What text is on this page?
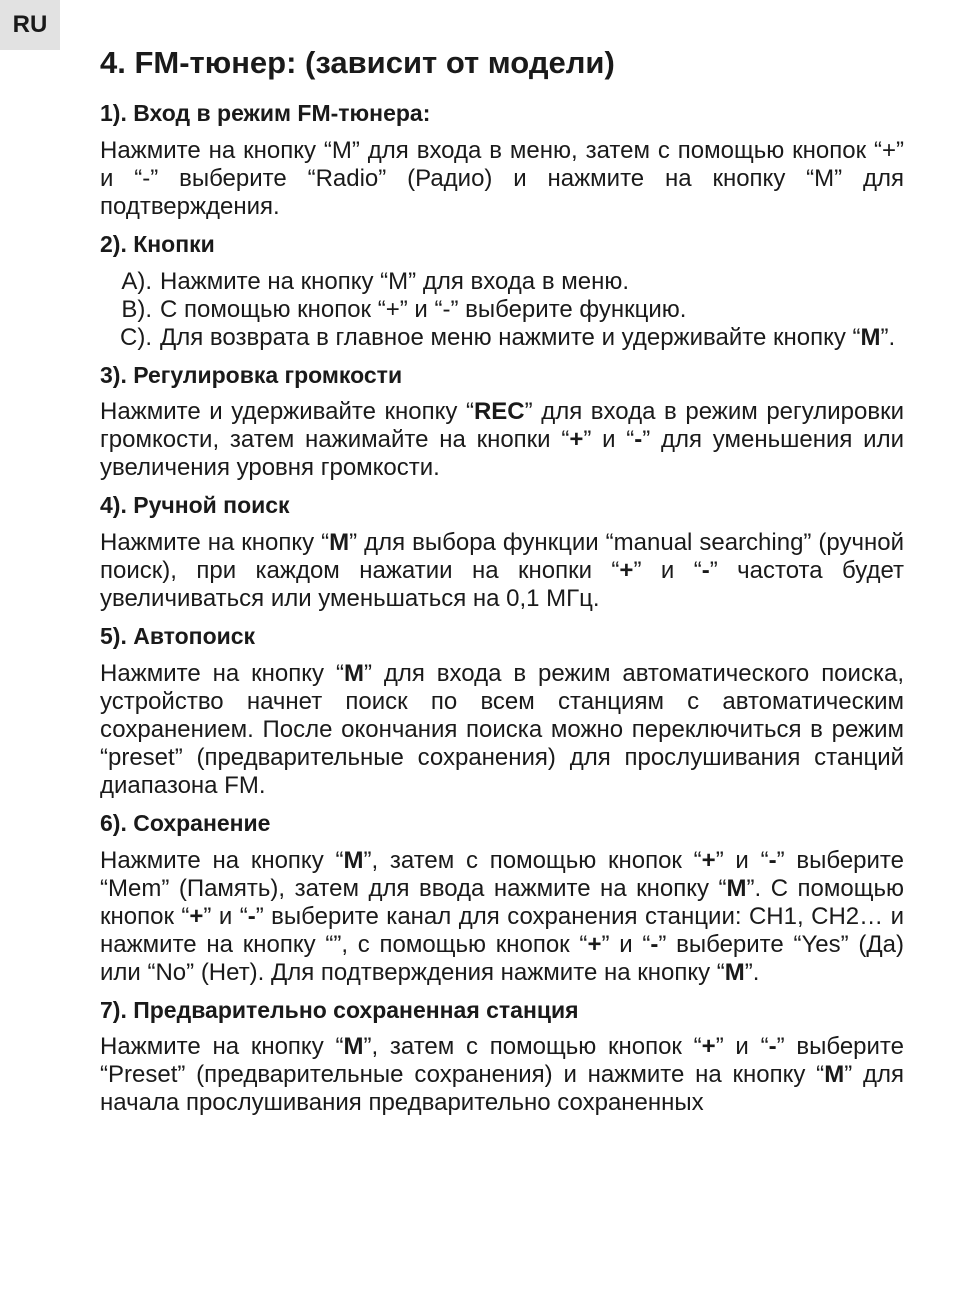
RU
4. FM-тюнер: (зависит от модели)
1). Вход в режим FM-тюнера:

Нажмите на кнопку “M” для входа в меню, затем с помощью кнопок “+” и “-” выберите “Radio” (Радио) и нажмите на кнопку “M” для подтверждения.

2). Кнопки
A). Нажмите на кнопку “M” для входа в меню.
B). С помощью кнопок “+” и “-” выберите функцию.
C). Для возврата в главное меню нажмите и удерживайте кнопку “M”.
3). Регулировка громкости

Нажмите и удерживайте кнопку “REC” для входа в режим регулировки громкости, затем нажимайте на кнопки “+” и “-” для уменьшения или увеличения уровня громкости.

4). Ручной поиск

Нажмите на кнопку “M” для выбора функции “manual searching” (ручной поиск), при каждом нажатии на кнопки “+” и “-” частота будет увеличиваться или уменьшаться на 0,1 МГц.

5). Автопоиск

Нажмите на кнопку “M” для входа в режим автоматического поиска, устройство начнет поиск по всем станциям с автоматическим сохранением. После окончания поиска можно переключиться в режим “preset” (предварительные сохранения) для прослушивания станций диапазона FM.

6). Сохранение

Нажмите на кнопку “M”, затем с помощью кнопок “+” и “-” выберите “Mem” (Память), затем для ввода нажмите на кнопку “M”. С помощью кнопок “+” и “-” выберите канал для сохранения станции: CH1, CH2… и нажмите на кнопку “”, с помощью кнопок “+” и “-” выберите “Yes” (Да) или “No” (Нет). Для подтверждения нажмите на кнопку “M”.

7). Предварительно сохраненная станция

Нажмите на кнопку “M”, затем с помощью кнопок “+” и “-” выберите “Preset” (предварительные сохранения) и нажмите на кнопку “M” для начала прослушивания предварительно сохраненных
